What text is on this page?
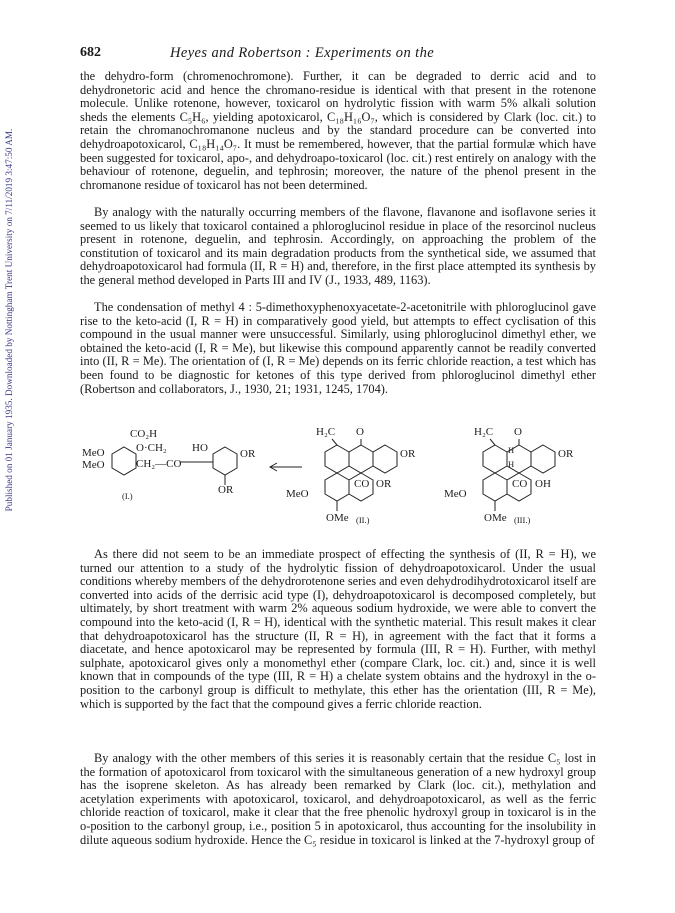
Published on 01 January 1935. Downloaded by Nottingham Trent University on 7/11/2019 3:47:50 AM.
682	Heyes and Robertson : Experiments on the

the dehydro-form (chromenochromone). Further, it can be degraded to derric acid and to dehydronetoric acid and hence the chromano-residue is identical with that present in the rotenone molecule. Unlike rotenone, however, toxicarol on hydrolytic fission with warm 5% alkali solution sheds the elements C₅H₆, yielding apotoxicarol, C₁₈H₁₆O₇, which is considered by Clark (loc. cit.) to retain the chromanochromanone nucleus and by the standard procedure can be converted into dehydroapotoxicarol, C₁₈H₁₄O₇. It must be remembered, however, that the partial formulæ which have been suggested for toxicarol, apo-, and dehydroapo-toxicarol (loc. cit.) rest entirely on analogy with the behaviour of rotenone, deguelin, and tephrosin; moreover, the nature of the phenol present in the chromanone residue of toxicarol has not been determined.

By analogy with the naturally occurring members of the flavone, flavanone and isoflavone series it seemed to us likely that toxicarol contained a phloroglucinol residue in place of the resorcinol nucleus present in rotenone, deguelin, and tephrosin. Accordingly, on approaching the problem of the constitution of toxicarol and its main degradation products from the synthetical side, we assumed that dehydroapotoxicarol had formula (II, R = H) and, therefore, in the first place attempted its synthesis by the general method developed in Parts III and IV (J., 1933, 489, 1163).

The condensation of methyl 4 : 5-dimethoxyphenoxyacetate-2-acetonitrile with phloroglucinol gave rise to the keto-acid (I, R = H) in comparatively good yield, but attempts to effect cyclisation of this compound in the usual manner were unsuccessful. Similarly, using phloroglucinol dimethyl ether, we obtained the keto-acid (I, R = Me), but likewise this compound apparently cannot be readily converted into (II, R = Me). The orientation of (I, R = Me) depends on its ferric chloride reaction, a test which has been found to be diagnostic for ketones of this type derived from phloroglucinol dimethyl ether (Robertson and collaborators, J., 1930, 21; 1931, 1245, 1704).

CO₂H
MeO
MeO
O·CH₂
CH₂—CO
HO	OR
OR
(I.)
H₂C O
OR
MeO
CO OR
OMe (II.)
H₂C O
H
H
OR
MeO
CO OH
OMe (III.)

As there did not seem to be an immediate prospect of effecting the synthesis of (II, R = H), we turned our attention to a study of the hydrolytic fission of dehydroapotoxicarol. Under the usual conditions whereby members of the dehydrorotenone series and even dehydrodihydrotoxicarol itself are converted into acids of the derrisic acid type (I), dehydroapotoxicarol is decomposed completely, but ultimately, by short treatment with warm 2% aqueous sodium hydroxide, we were able to convert the compound into the keto-acid (I, R = H), identical with the synthetic material. This result makes it clear that dehydroapotoxicarol has the structure (II, R = H), in agreement with the fact that it forms a diacetate, and hence apotoxicarol may be represented by formula (III, R = H). Further, with methyl sulphate, apotoxicarol gives only a monomethyl ether (compare Clark, loc. cit.) and, since it is well known that in compounds of the type (III, R = H) a chelate system obtains and the hydroxyl in the o-position to the carbonyl group is difficult to methylate, this ether has the orientation (III, R = Me), which is supported by the fact that the compound gives a ferric chloride reaction.

By analogy with the other members of this series it is reasonably certain that the residue C₅ lost in the formation of apotoxicarol from toxicarol with the simultaneous generation of a new hydroxyl group has the isoprene skeleton. As has already been remarked by Clark (loc. cit.), methylation and acetylation experiments with apotoxicarol, toxicarol, and dehydroapotoxicarol, as well as the ferric chloride reaction of toxicarol, make it clear that the free phenolic hydroxyl group in toxicarol is in the o-position to the carbonyl group, i.e., position 5 in apotoxicarol, thus accounting for the insolubility in dilute aqueous sodium hydroxide. Hence the C₅ residue in toxicarol is linked at the 7-hydroxyl group of
